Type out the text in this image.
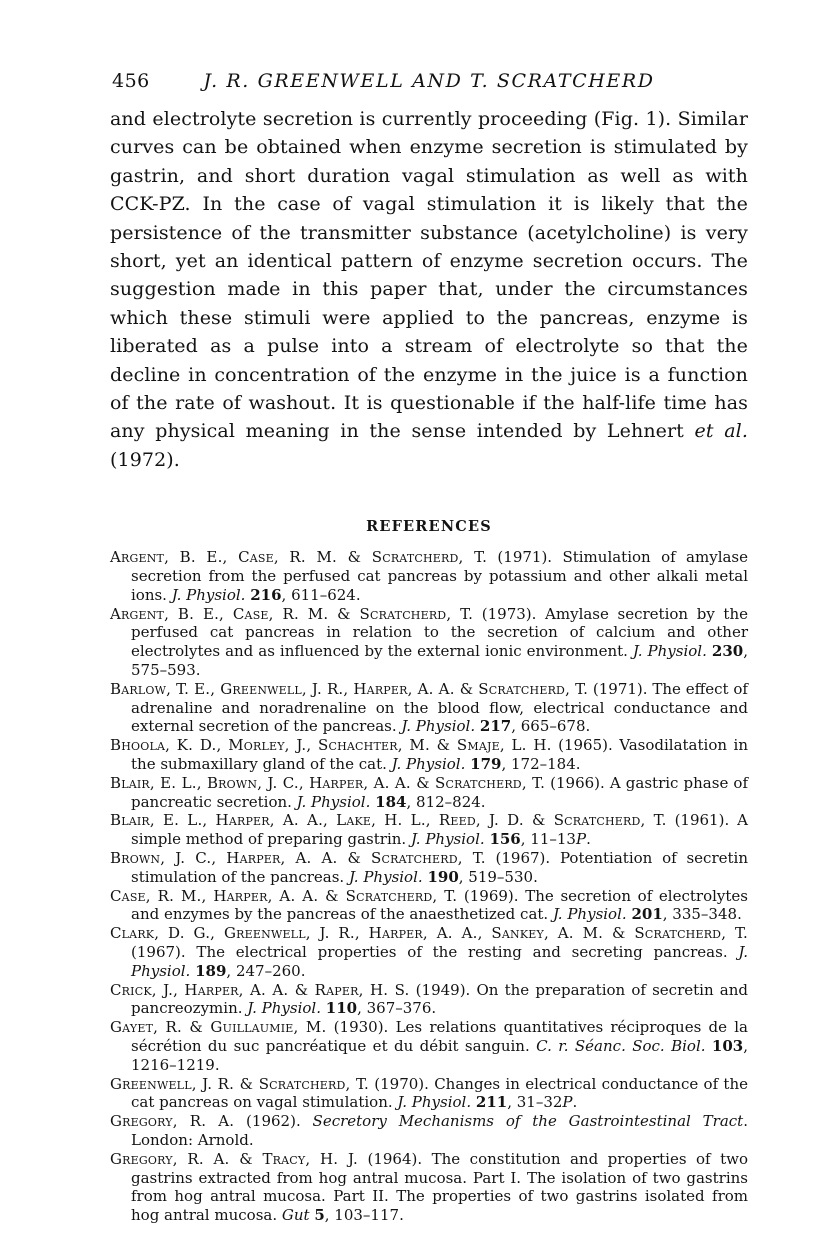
456	J. R. GREENWELL AND T. SCRATCHERD

and electrolyte secretion is currently proceeding (Fig. 1). Similar curves can be obtained when enzyme secretion is stimulated by gastrin, and short duration vagal stimulation as well as with CCK-PZ. In the case of vagal stimulation it is likely that the persistence of the transmitter substance (acetylcholine) is very short, yet an identical pattern of enzyme secretion occurs. The suggestion made in this paper that, under the circumstances which these stimuli were applied to the pancreas, enzyme is liberated as a pulse into a stream of electrolyte so that the decline in concentration of the enzyme in the juice is a function of the rate of washout. It is questionable if the half-life time has any physical meaning in the sense intended by Lehnert et al. (1972).

REFERENCES
Argent, B. E., Case, R. M. & Scratcherd, T. (1971). Stimulation of amylase secretion from the perfused cat pancreas by potassium and other alkali metal ions. J. Physiol. 216, 611–624.
Argent, B. E., Case, R. M. & Scratcherd, T. (1973). Amylase secretion by the perfused cat pancreas in relation to the secretion of calcium and other electrolytes and as influenced by the external ionic environment. J. Physiol. 230, 575–593.
Barlow, T. E., Greenwell, J. R., Harper, A. A. & Scratcherd, T. (1971). The effect of adrenaline and noradrenaline on the blood flow, electrical conductance and external secretion of the pancreas. J. Physiol. 217, 665–678.
Bhoola, K. D., Morley, J., Schachter, M. & Smaje, L. H. (1965). Vasodilatation in the submaxillary gland of the cat. J. Physiol. 179, 172–184.
Blair, E. L., Brown, J. C., Harper, A. A. & Scratcherd, T. (1966). A gastric phase of pancreatic secretion. J. Physiol. 184, 812–824.
Blair, E. L., Harper, A. A., Lake, H. L., Reed, J. D. & Scratcherd, T. (1961). A simple method of preparing gastrin. J. Physiol. 156, 11–13P.
Brown, J. C., Harper, A. A. & Scratcherd, T. (1967). Potentiation of secretin stimulation of the pancreas. J. Physiol. 190, 519–530.
Case, R. M., Harper, A. A. & Scratcherd, T. (1969). The secretion of electrolytes and enzymes by the pancreas of the anaesthetized cat. J. Physiol. 201, 335–348.
Clark, D. G., Greenwell, J. R., Harper, A. A., Sankey, A. M. & Scratcherd, T. (1967). The electrical properties of the resting and secreting pancreas. J. Physiol. 189, 247–260.
Crick, J., Harper, A. A. & Raper, H. S. (1949). On the preparation of secretin and pancreozymin. J. Physiol. 110, 367–376.
Gayet, R. & Guillaumie, M. (1930). Les relations quantitatives réciproques de la sécrétion du suc pancréatique et du débit sanguin. C. r. Séanc. Soc. Biol. 103, 1216–1219.
Greenwell, J. R. & Scratcherd, T. (1970). Changes in electrical conductance of the cat pancreas on vagal stimulation. J. Physiol. 211, 31–32P.
Gregory, R. A. (1962). Secretory Mechanisms of the Gastrointestinal Tract. London: Arnold.
Gregory, R. A. & Tracy, H. J. (1964). The constitution and properties of two gastrins extracted from hog antral mucosa. Part I. The isolation of two gastrins from hog antral mucosa. Part II. The properties of two gastrins isolated from hog antral mucosa. Gut 5, 103–117.
